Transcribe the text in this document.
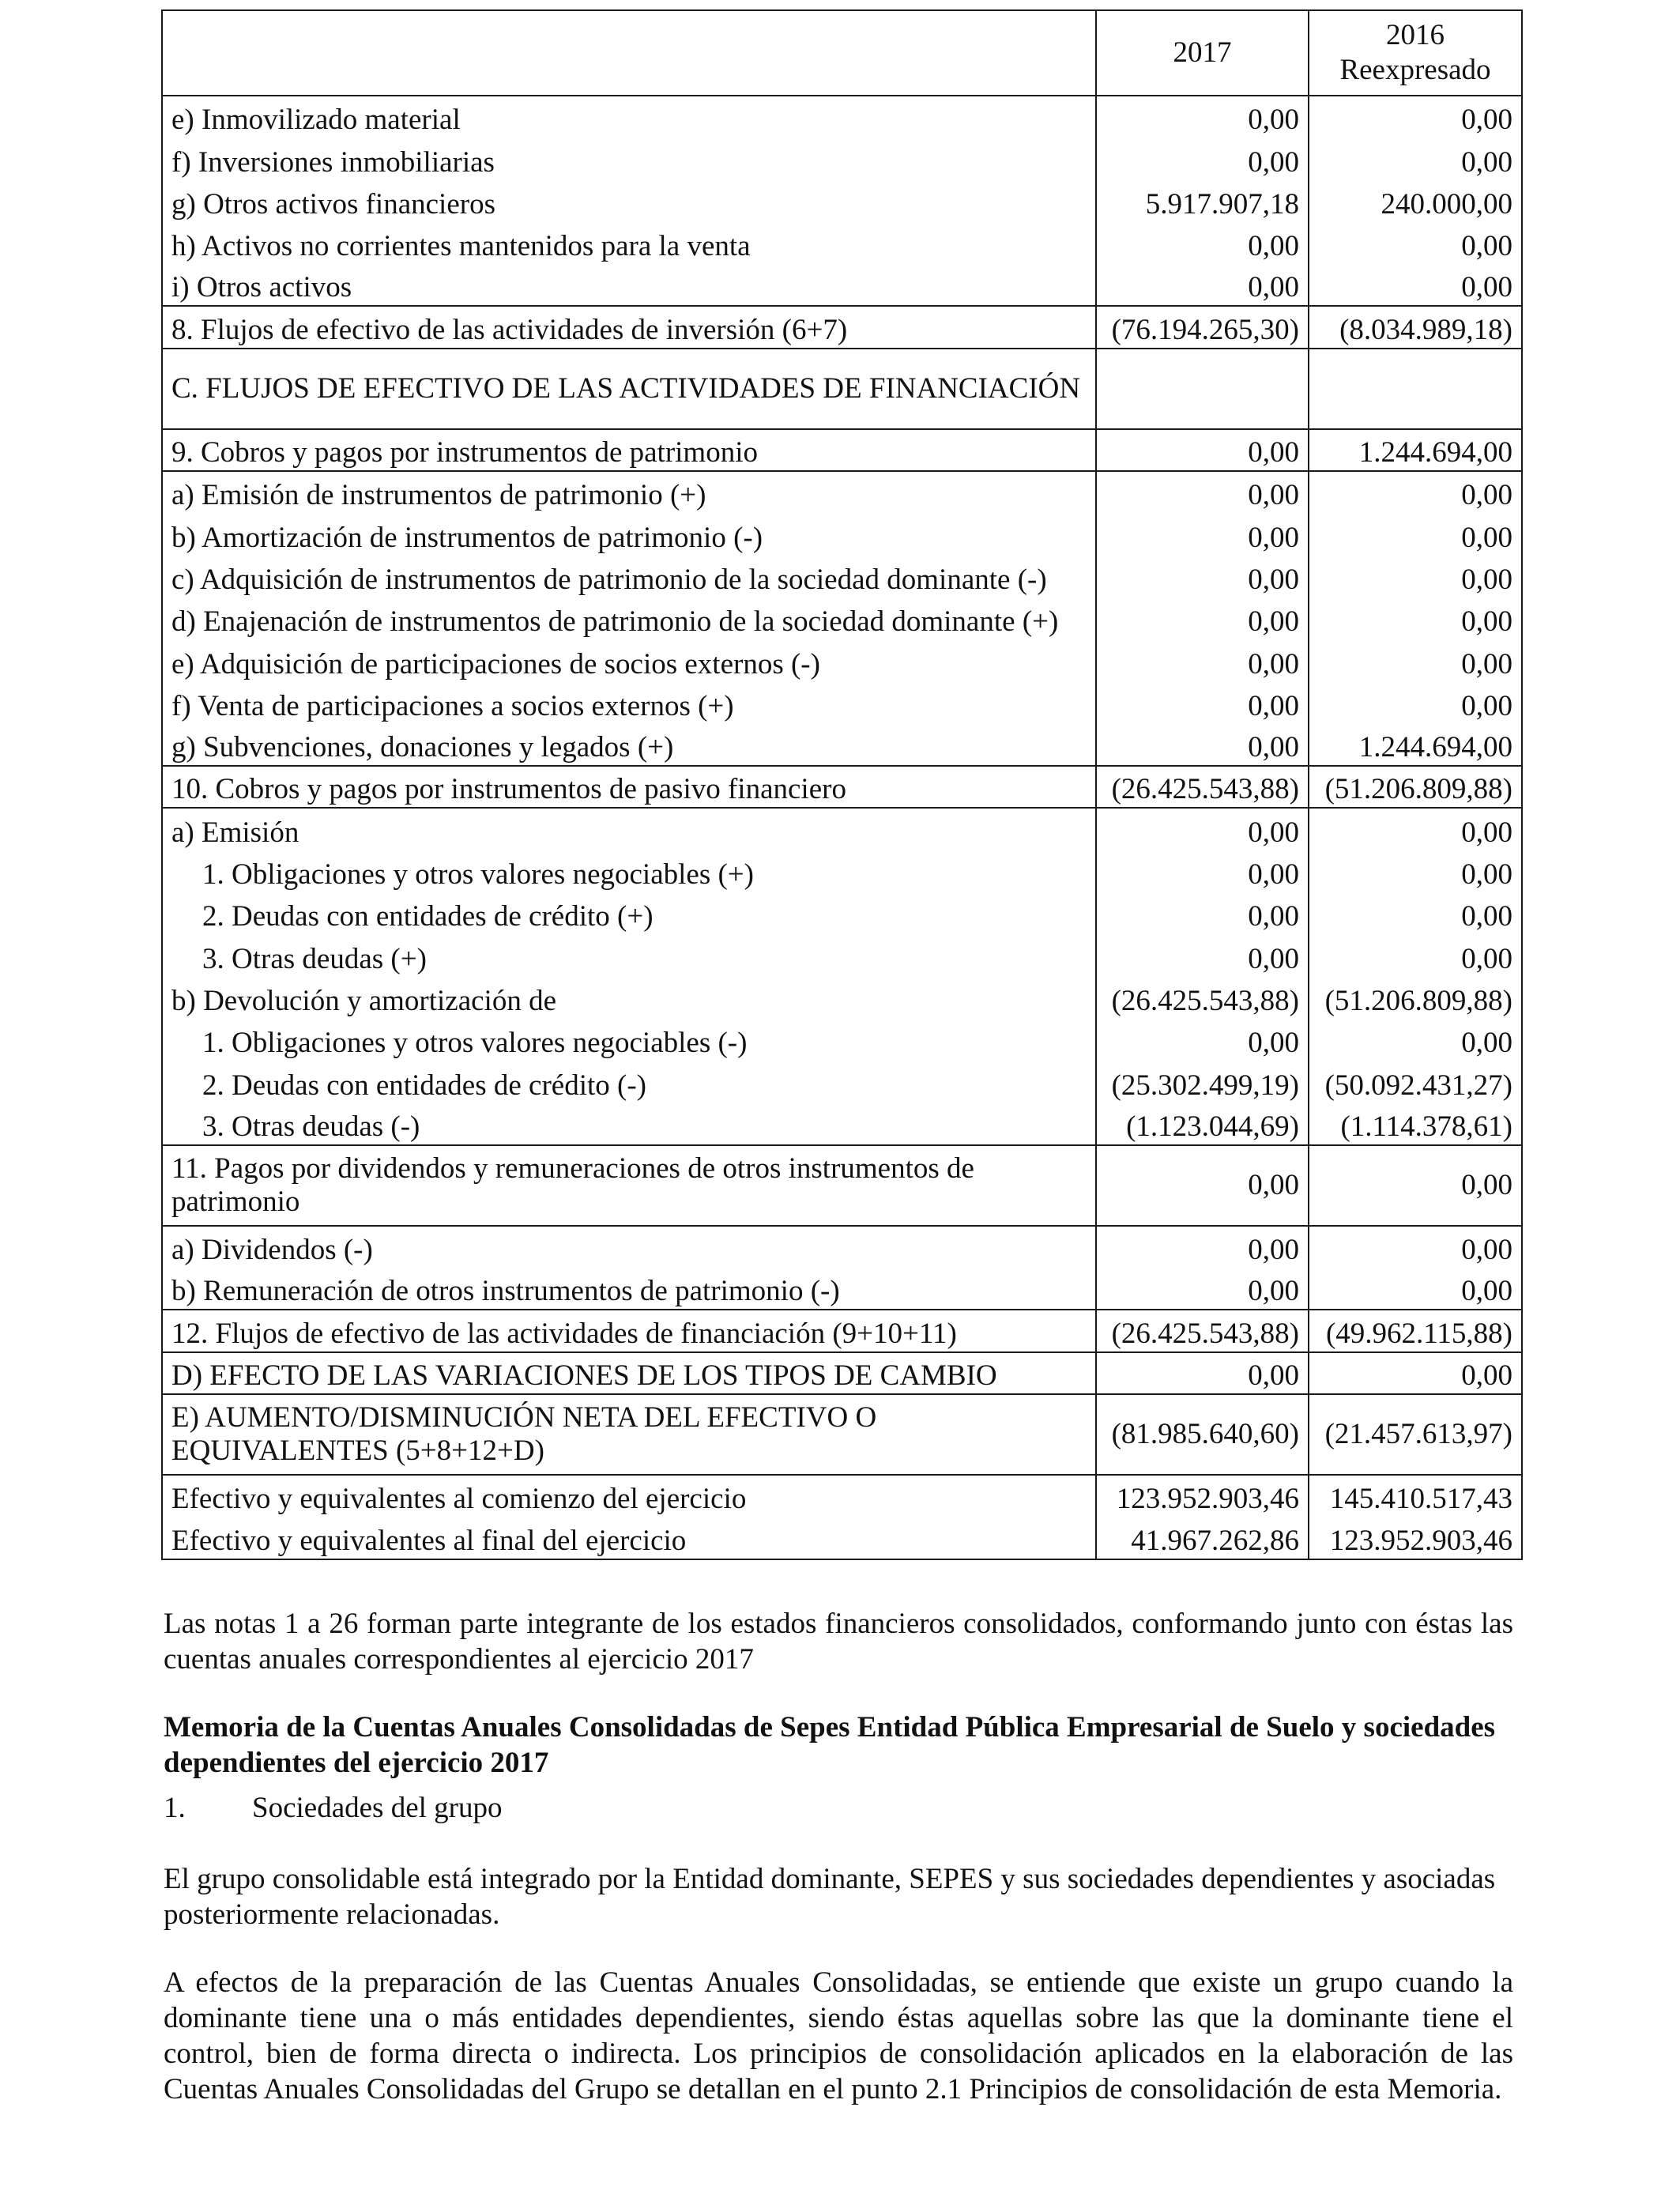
	2017	2016
Reexpresado

e) Inmovilizado material	0,00	0,00
f) Inversiones inmobiliarias	0,00	0,00
g) Otros activos financieros	5.917.907,18	240.000,00
h) Activos no corrientes mantenidos para la venta	0,00	0,00
i) Otros activos	0,00	0,00
8. Flujos de efectivo de las actividades de inversión (6+7)	(76.194.265,30)	(8.034.989,18)
C. FLUJOS DE EFECTIVO DE LAS ACTIVIDADES DE FINANCIACIÓN		
9. Cobros y pagos por instrumentos de patrimonio	0,00	1.244.694,00
a) Emisión de instrumentos de patrimonio (+)	0,00	0,00
b) Amortización de instrumentos de patrimonio (-)	0,00	0,00
c) Adquisición de instrumentos de patrimonio de la sociedad dominante (-)	0,00	0,00
d) Enajenación de instrumentos de patrimonio de la sociedad dominante (+)	0,00	0,00
e) Adquisición de participaciones de socios externos (-)	0,00	0,00
f) Venta de participaciones a socios externos (+)	0,00	0,00
g) Subvenciones, donaciones y legados (+)	0,00	1.244.694,00
10. Cobros y pagos por instrumentos de pasivo financiero	(26.425.543,88)	(51.206.809,88)
a) Emisión	0,00	0,00
1. Obligaciones y otros valores negociables (+)	0,00	0,00
2. Deudas con entidades de crédito (+)	0,00	0,00
3. Otras deudas (+)	0,00	0,00
b) Devolución y amortización de	(26.425.543,88)	(51.206.809,88)
1. Obligaciones y otros valores negociables (-)	0,00	0,00
2. Deudas con entidades de crédito (-)	(25.302.499,19)	(50.092.431,27)
3. Otras deudas (-)	(1.123.044,69)	(1.114.378,61)
11. Pagos por dividendos y remuneraciones de otros instrumentos de patrimonio	0,00	0,00
a) Dividendos (-)	0,00	0,00
b) Remuneración de otros instrumentos de patrimonio (-)	0,00	0,00
12. Flujos de efectivo de las actividades de financiación (9+10+11)	(26.425.543,88)	(49.962.115,88)
D) EFECTO DE LAS VARIACIONES DE LOS TIPOS DE CAMBIO	0,00	0,00
E) AUMENTO/DISMINUCIÓN NETA DEL EFECTIVO O EQUIVALENTES (5+8+12+D)	(81.985.640,60)	(21.457.613,97)
Efectivo y equivalentes al comienzo del ejercicio	123.952.903,46	145.410.517,43
Efectivo y equivalentes al final del ejercicio	41.967.262,86	123.952.903,46

Las notas 1 a 26 forman parte integrante de los estados financieros consolidados, conformando junto con éstas las cuentas anuales correspondientes al ejercicio 2017

Memoria de la Cuentas Anuales Consolidadas de Sepes Entidad Pública Empresarial de Suelo y sociedades dependientes del ejercicio 2017

1. Sociedades del grupo

El grupo consolidable está integrado por la Entidad dominante, SEPES y sus sociedades dependientes y asociadas posteriormente relacionadas.

A efectos de la preparación de las Cuentas Anuales Consolidadas, se entiende que existe un grupo cuando la dominante tiene una o más entidades dependientes, siendo éstas aquellas sobre las que la dominante tiene el control, bien de forma directa o indirecta. Los principios de consolidación aplicados en la elaboración de las Cuentas Anuales Consolidadas del Grupo se detallan en el punto 2.1 Principios de consolidación de esta Memoria.
